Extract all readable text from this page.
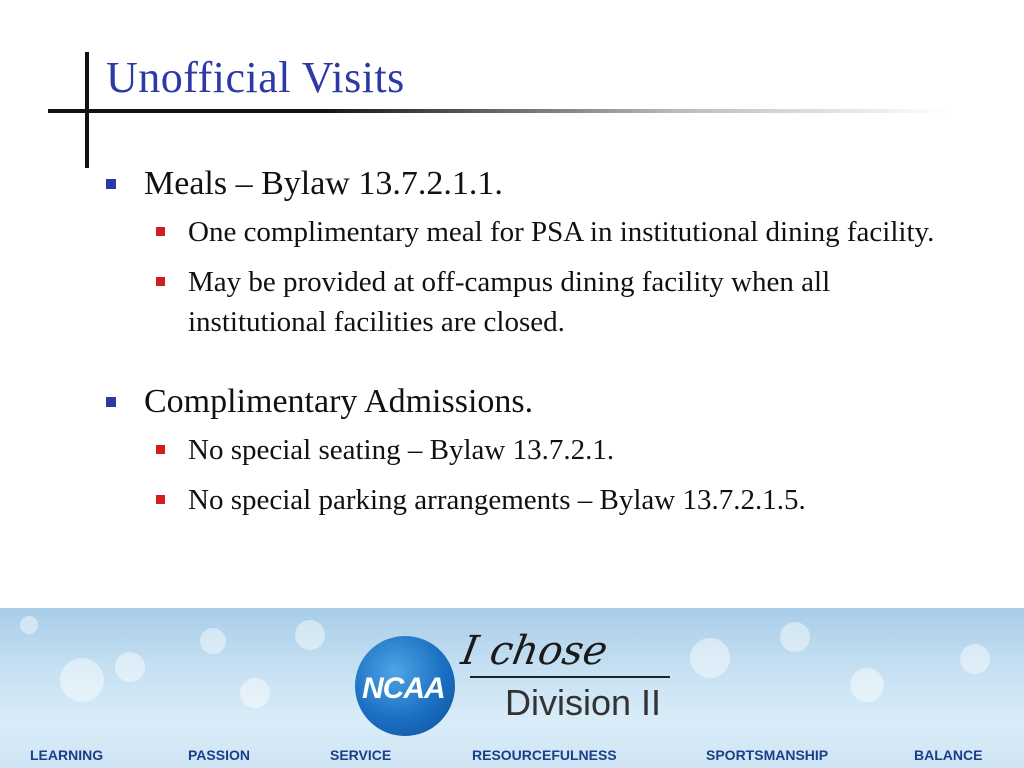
Unofficial Visits
Meals – Bylaw 13.7.2.1.1.
One complimentary meal for PSA in institutional dining facility.
May be provided at off-campus dining facility when all institutional facilities are closed.
Complimentary Admissions.
No special seating – Bylaw 13.7.2.1.
No special parking arrangements – Bylaw 13.7.2.1.5.
NCAA
I chose
Division II
LEARNING	PASSION	SERVICE	RESOURCEFULNESS	SPORTSMANSHIP	BALANCE
